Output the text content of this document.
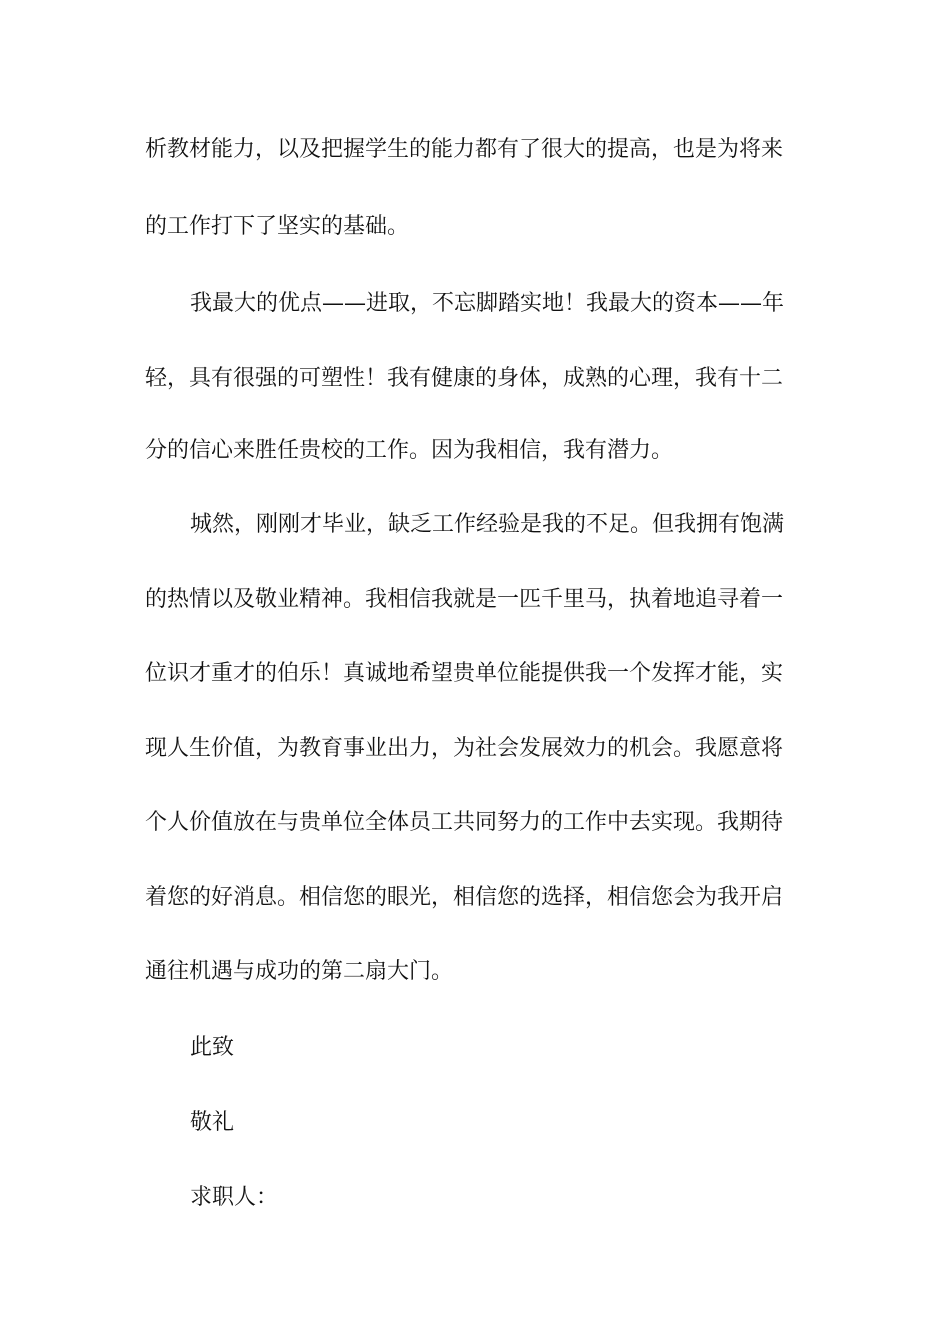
析教材能力，以及把握学生的能力都有了很大的提高，也是为将来
的工作打下了坚实的基础。
我最大的优点——进取，不忘脚踏实地！我最大的资本——年
轻，具有很强的可塑性！我有健康的身体，成熟的心理，我有十二
分的信心来胜任贵校的工作。因为我相信，我有潜力。
城然，刚刚才毕业，缺乏工作经验是我的不足。但我拥有饱满
的热情以及敬业精神。我相信我就是一匹千里马，执着地追寻着一
位识才重才的伯乐！真诚地希望贵单位能提供我一个发挥才能，实
现人生价值，为教育事业出力，为社会发展效力的机会。我愿意将
个人价值放在与贵单位全体员工共同努力的工作中去实现。我期待
着您的好消息。相信您的眼光，相信您的选择，相信您会为我开启
通往机遇与成功的第二扇大门。
此致
敬礼
求职人：
